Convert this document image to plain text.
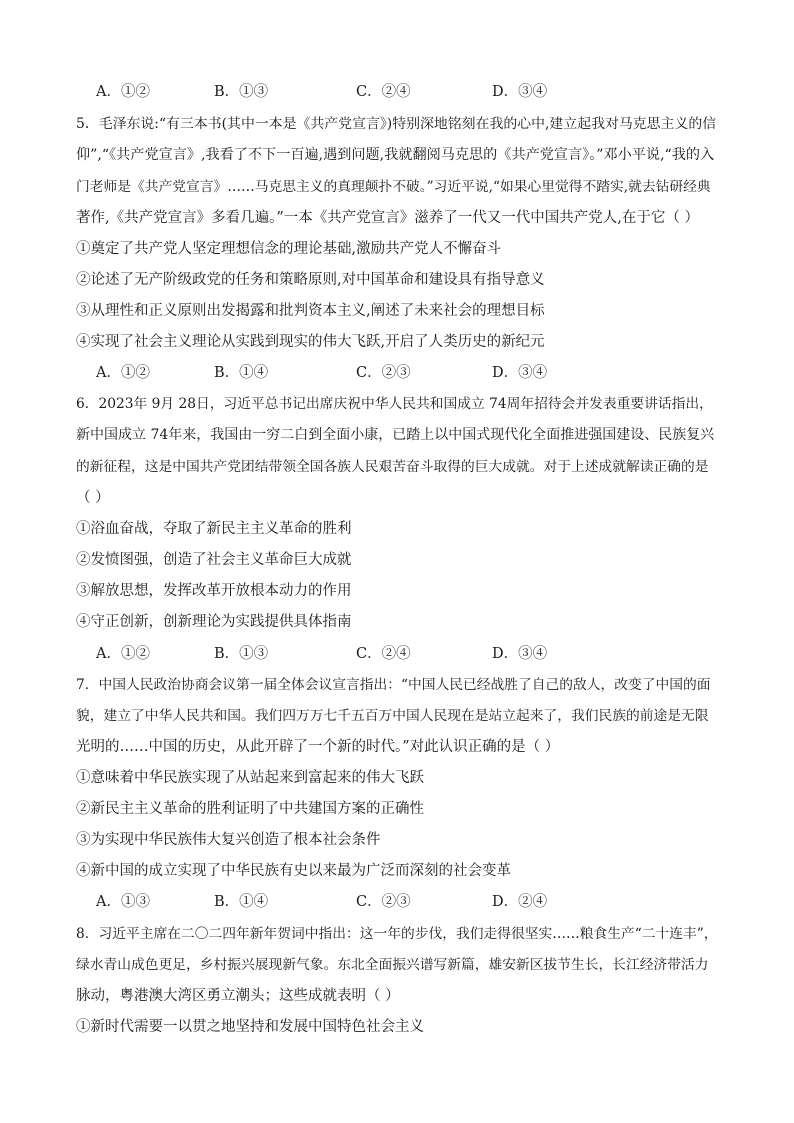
A．①②	B．①③	C．②④	D．③④
5．毛泽东说:“有三本书(其中一本是《共产党宣言》)特别深地铭刻在我的心中,建立起我对马克思主义的信
仰”,“《共产党宣言》,我看了不下一百遍,遇到问题,我就翻阅马克思的《共产党宣言》。”邓小平说,“我的入
门老师是《共产党宣言》……马克思主义的真理颠扑不破。”习近平说,“如果心里觉得不踏实,就去钻研经典
著作,《共产党宣言》多看几遍。”一本《共产党宣言》滋养了一代又一代中国共产党人,在于它（ ）
①奠定了共产党人坚定理想信念的理论基础,激励共产党人不懈奋斗
②论述了无产阶级政党的任务和策略原则,对中国革命和建设具有指导意义
③从理性和正义原则出发揭露和批判资本主义,阐述了未来社会的理想目标
④实现了社会主义理论从实践到现实的伟大飞跃,开启了人类历史的新纪元
A．①②	B．①④	C．②③	D．③④
6．2023年 9月 28日，习近平总书记出席庆祝中华人民共和国成立 74周年招待会并发表重要讲话指出，
新中国成立 74年来，我国由一穷二白到全面小康，已踏上以中国式现代化全面推进强国建设、民族复兴
的新征程，这是中国共产党团结带领全国各族人民艰苦奋斗取得的巨大成就。对于上述成就解读正确的是
（ ）
①浴血奋战，夺取了新民主主义革命的胜利
②发愤图强，创造了社会主义革命巨大成就
③解放思想，发挥改革开放根本动力的作用
④守正创新，创新理论为实践提供具体指南
A．①②	B．①③	C．②④	D．③④
7．中国人民政治协商会议第一届全体会议宣言指出：“中国人民已经战胜了自己的敌人，改变了中国的面
貌，建立了中华人民共和国。我们四万万七千五百万中国人民现在是站立起来了，我们民族的前途是无限
光明的……中国的历史，从此开辟了一个新的时代。”对此认识正确的是（ ）
①意味着中华民族实现了从站起来到富起来的伟大飞跃
②新民主主义革命的胜利证明了中共建国方案的正确性
③为实现中华民族伟大复兴创造了根本社会条件
④新中国的成立实现了中华民族有史以来最为广泛而深刻的社会变革
A．①③	B．①④	C．②③	D．②④
8．习近平主席在二〇二四年新年贺词中指出：这一年的步伐，我们走得很坚实……粮食生产“二十连丰”，
绿水青山成色更足，乡村振兴展现新气象。东北全面振兴谱写新篇，雄安新区拔节生长，长江经济带活力
脉动，粤港澳大湾区勇立潮头；这些成就表明（ ）
①新时代需要一以贯之地坚持和发展中国特色社会主义
